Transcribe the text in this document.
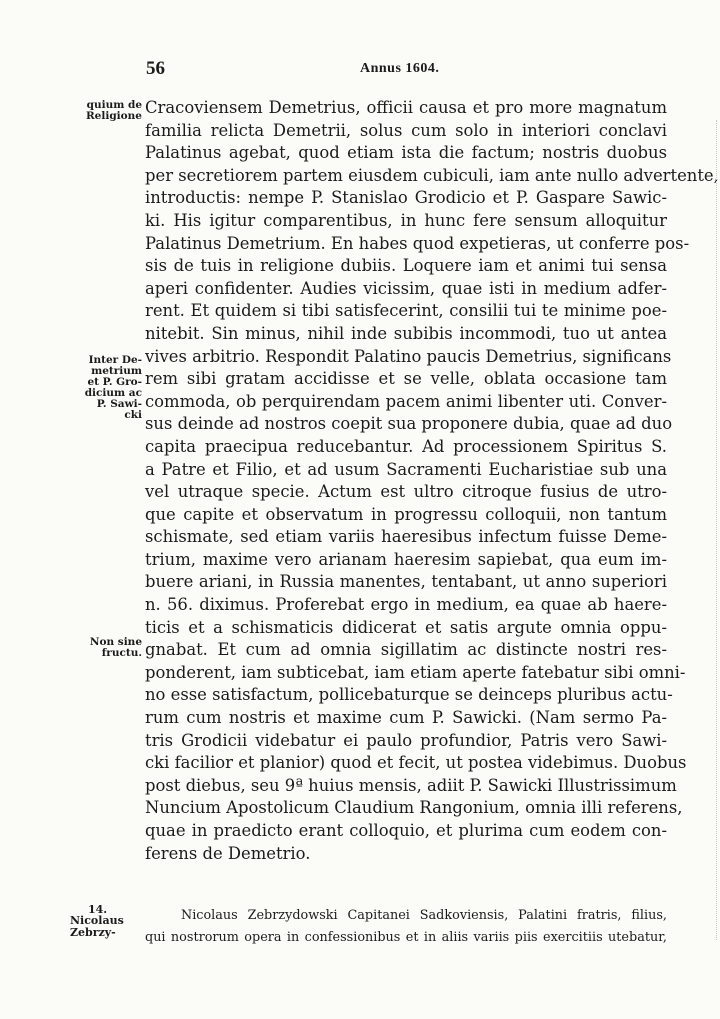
56	Annus 1604.
quium de
Religione
Inter De-
metrium
et P. Gro-
dicium ac
P. Sawi-
cki
Non sine
fructu.
Cracoviensem Demetrius, officii causa et pro more magnatum
familia relicta Demetrii, solus cum solo in interiori conclavi
Palatinus agebat, quod etiam ista die factum; nostris duobus
per secretiorem partem eiusdem cubiculi, iam ante nullo advertente,
introductis: nempe P. Stanislao Grodicio et P. Gaspare Sawic-
ki. His igitur comparentibus, in hunc fere sensum alloquitur
Palatinus Demetrium. En habes quod expetieras, ut conferre pos-
sis de tuis in religione dubiis. Loquere iam et animi tui sensa
aperi confidenter. Audies vicissim, quae isti in medium adfer-
rent. Et quidem si tibi satisfecerint, consilii tui te minime poe-
nitebit. Sin minus, nihil inde subibis incommodi, tuo ut antea
vives arbitrio. Respondit Palatino paucis Demetrius, significans
rem sibi gratam accidisse et se velle, oblata occasione tam
commoda, ob perquirendam pacem animi libenter uti. Conver-
sus deinde ad nostros coepit sua proponere dubia, quae ad duo
capita praecipua reducebantur. Ad processionem Spiritus S.
a Patre et Filio, et ad usum Sacramenti Eucharistiae sub una
vel utraque specie. Actum est ultro citroque fusius de utro-
que capite et observatum in progressu colloquii, non tantum
schismate, sed etiam variis haeresibus infectum fuisse Deme-
trium, maxime vero arianam haeresim sapiebat, qua eum im-
buere ariani, in Russia manentes, tentabant, ut anno superiori
n. 56. diximus. Proferebat ergo in medium, ea quae ab haere-
ticis et a schismaticis didicerat et satis argute omnia oppu-
gnabat. Et cum ad omnia sigillatim ac distincte nostri res-
ponderent, iam subticebat, iam etiam aperte fatebatur sibi omni-
no esse satisfactum, pollicebaturque se deinceps pluribus actu-
rum cum nostris et maxime cum P. Sawicki. (Nam sermo Pa-
tris Grodicii videbatur ei paulo profundior, Patris vero Sawi-
cki facilior et planior) quod et fecit, ut postea videbimus. Duobus
post diebus, seu 9ª huius mensis, adiit P. Sawicki Illustrissimum
Nuncium Apostolicum Claudium Rangonium, omnia illi referens,
quae in praedicto erant colloquio, et plurima cum eodem con-
ferens de Demetrio.
14.
Nicolaus
Zebrzy-
Nicolaus Zebrzydowski Capitanei Sadkoviensis, Palatini fratris, filius,
qui nostrorum opera in confessionibus et in aliis variis piis exercitiis utebatur,
